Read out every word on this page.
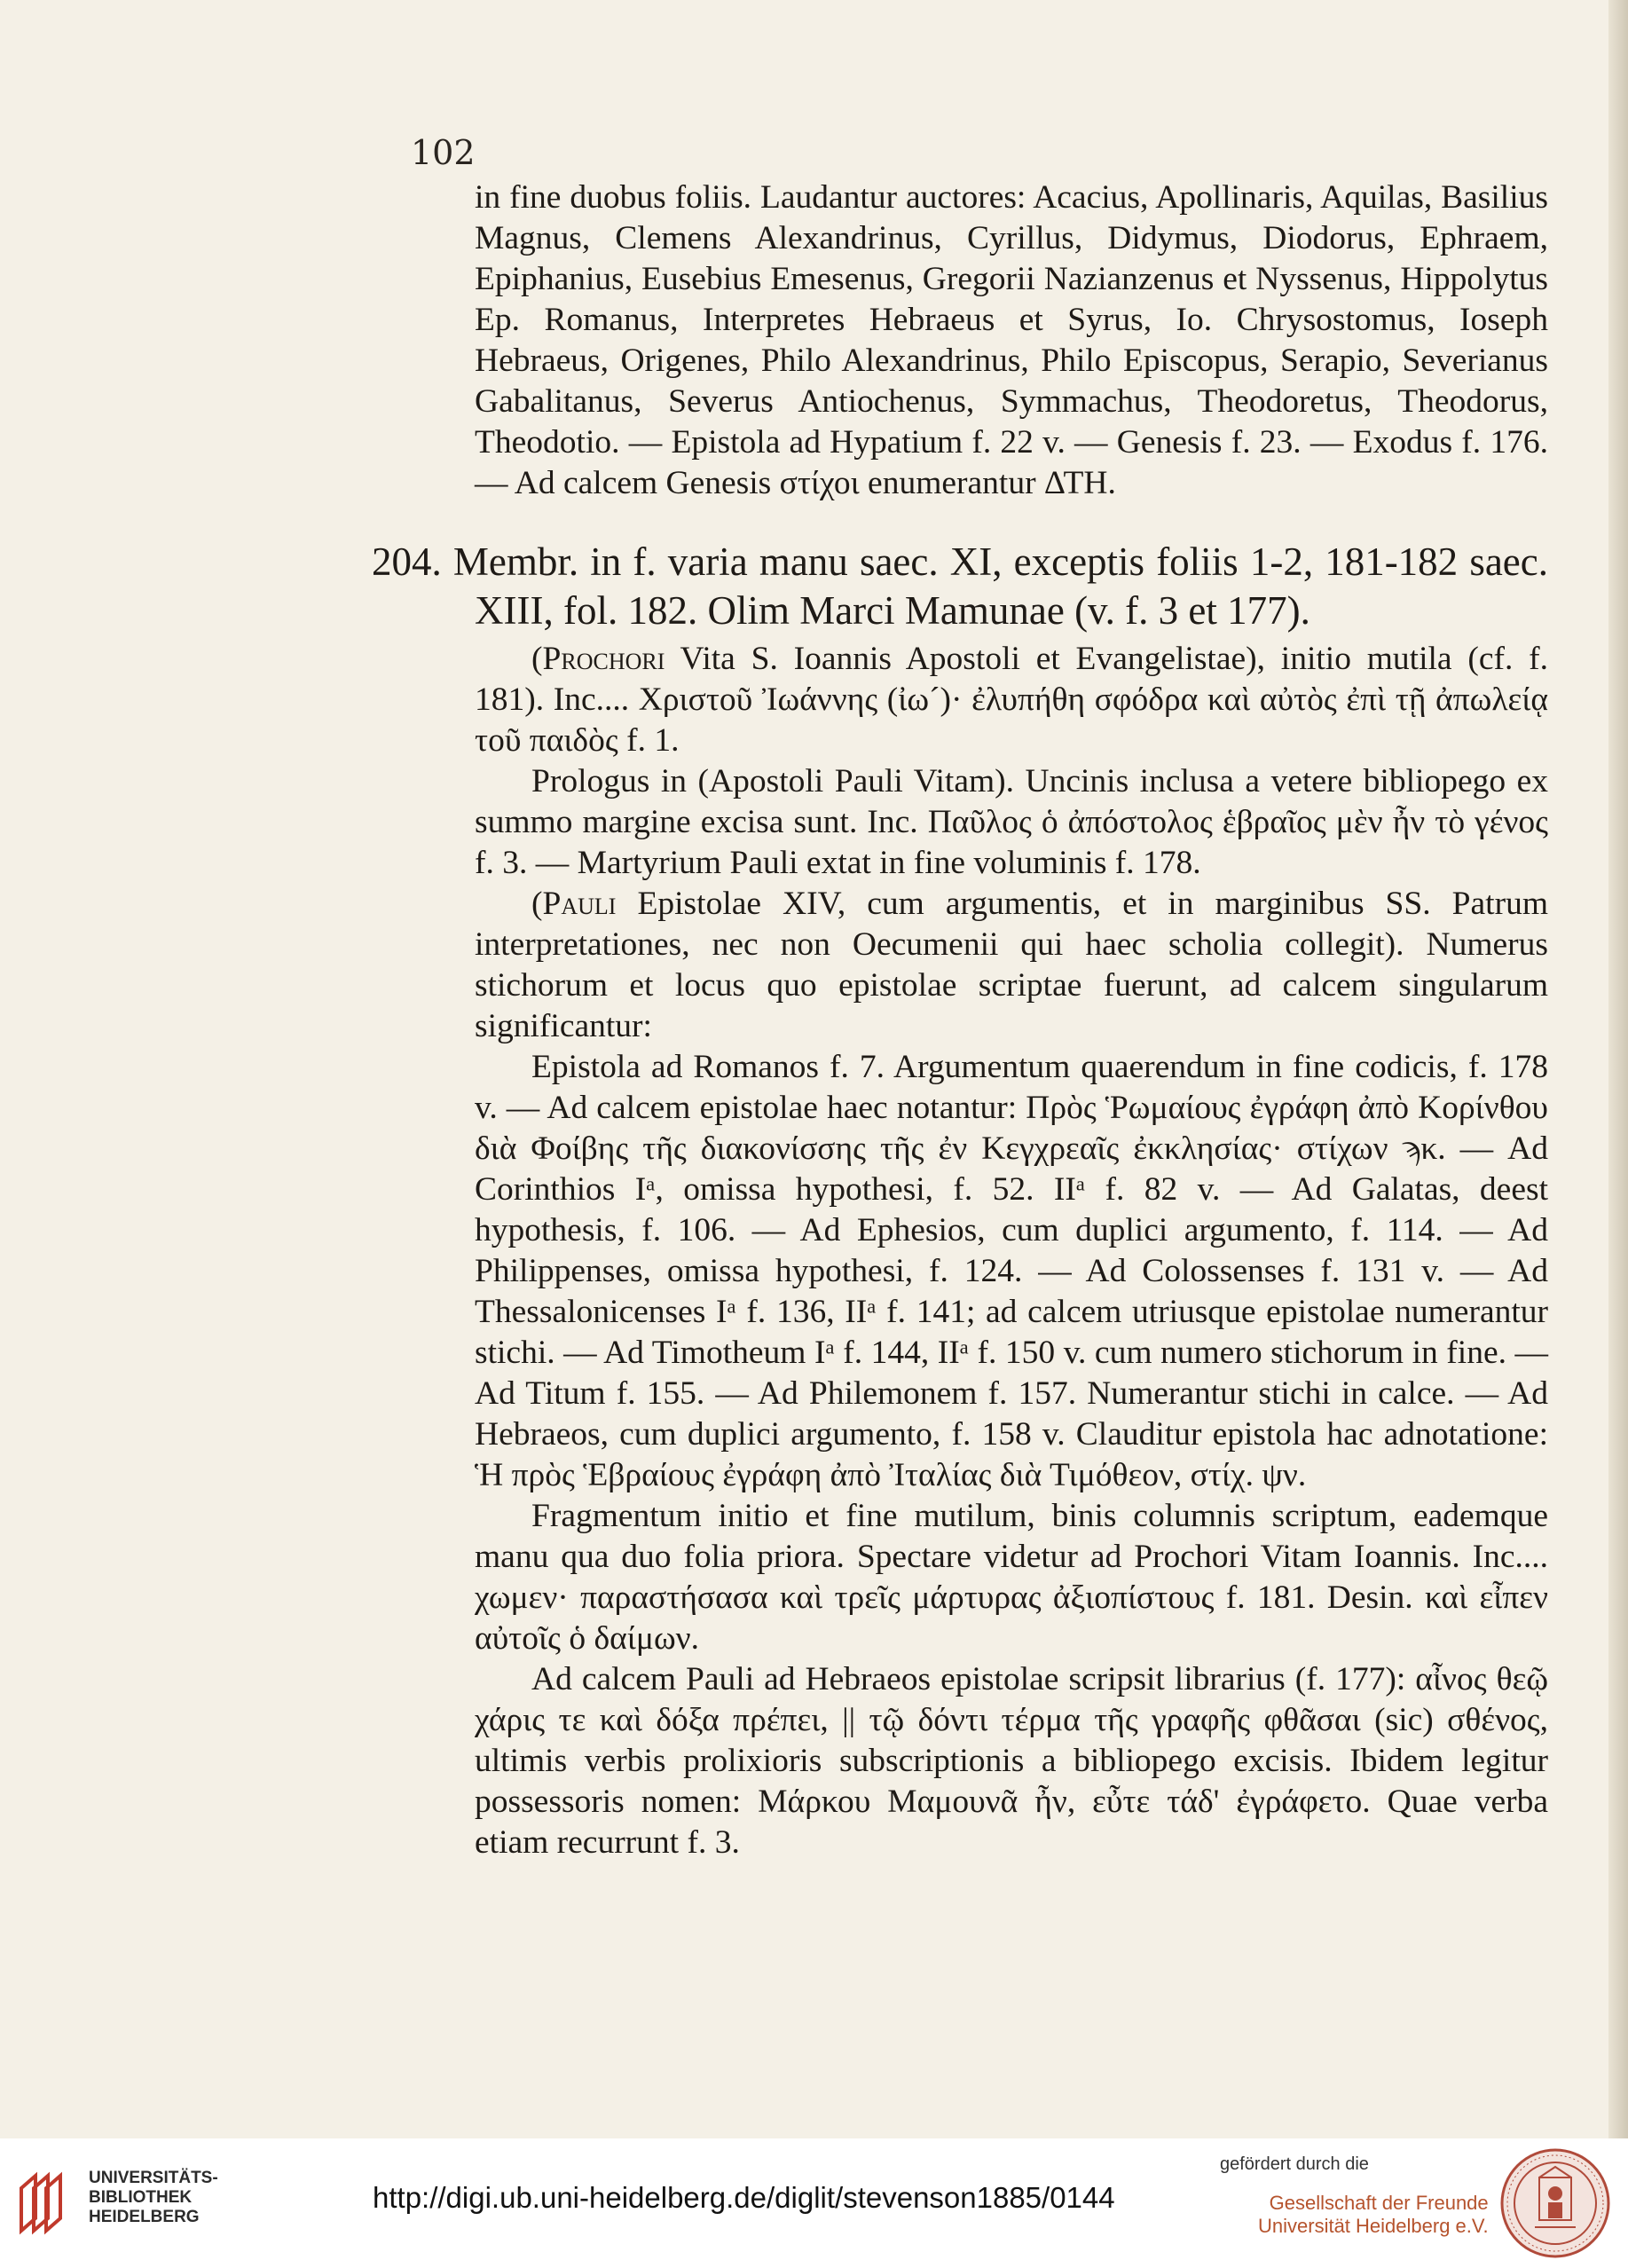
102

in fine duobus foliis. Laudantur auctores: Acacius, Apollinaris, Aquilas, Basilius Magnus, Clemens Alexandrinus, Cyrillus, Didymus, Diodorus, Ephraem, Epiphanius, Eusebius Emesenus, Gregorii Nazianzenus et Nyssenus, Hippolytus Ep. Romanus, Interpretes Hebraeus et Syrus, Io. Chrysostomus, Ioseph Hebraeus, Origenes, Philo Alexandrinus, Philo Episcopus, Serapio, Severianus Gabalitanus, Severus Antiochenus, Symmachus, Theodoretus, Theodorus, Theodotio. — Epistola ad Hypatium f. 22 v. — Genesis f. 23. — Exodus f. 176. — Ad calcem Genesis στίχοι enumerantur ΔΤΗ.

204. Membr. in f. varia manu saec. XI, exceptis foliis 1-2, 181-182 saec. XIII, fol. 182. Olim Marci Mamunae (v. f. 3 et 177).

(Prochori Vita S. Ioannis Apostoli et Evangelistae), initio mutila (cf. f. 181). Inc.... Χριστοῦ Ἰωάννης (ἰω´)· ἐλυπήθη σφόδρα καὶ αὐτὸς ἐπὶ τῇ ἀπωλείᾳ τοῦ παιδὸς f. 1.

Prologus in (Apostoli Pauli Vitam). Uncinis inclusa a vetere bibliopego ex summo margine excisa sunt. Inc. Παῦλος ὁ ἀπόστολος ἑβραῖος μὲν ἦν τὸ γένος f. 3. — Martyrium Pauli extat in fine voluminis f. 178.

(Pauli Epistolae XIV, cum argumentis, et in marginibus SS. Patrum interpretationes, nec non Oecumenii qui haec scholia collegit). Numerus stichorum et locus quo epistolae scriptae fuerunt, ad calcem singularum significantur:

Epistola ad Romanos f. 7. Argumentum quaerendum in fine codicis, f. 178 v. — Ad calcem epistolae haec notantur: Πρὸς Ῥωμαίους ἐγράφη ἀπὸ Κορίνθου διὰ Φοίβης τῆς διακονίσσης τῆς ἐν Κεγχρεαῖς ἐκκλησίας· στίχων ϡκ. — Ad Corinthios Iᵃ, omissa hypothesi, f. 52. IIᵃ f. 82 v. — Ad Galatas, deest hypothesis, f. 106. — Ad Ephesios, cum duplici argumento, f. 114. — Ad Philippenses, omissa hypothesi, f. 124. — Ad Colossenses f. 131 v. — Ad Thessalonicenses Iᵃ f. 136, IIᵃ f. 141; ad calcem utriusque epistolae numerantur stichi. — Ad Timotheum Iᵃ f. 144, IIᵃ f. 150 v. cum numero stichorum in fine. — Ad Titum f. 155. — Ad Philemonem f. 157. Numerantur stichi in calce. — Ad Hebraeos, cum duplici argumento, f. 158 v. Clauditur epistola hac adnotatione: Ἡ πρὸς Ἑβραίους ἐγράφη ἀπὸ Ἰταλίας διὰ Τιμόθεον, στίχ. ψν.

Fragmentum initio et fine mutilum, binis columnis scriptum, eademque manu qua duo folia priora. Spectare videtur ad Prochori Vitam Ioannis. Inc.... χωμεν· παραστήσασα καὶ τρεῖς μάρτυρας ἀξιοπίστους f. 181. Desin. καὶ εἶπεν αὐτοῖς ὁ δαίμων.

Ad calcem Pauli ad Hebraeos epistolae scripsit librarius (f. 177): αἶνος θεῷ χάρις τε καὶ δόξα πρέπει, || τῷ δόντι τέρμα τῆς γραφῆς φθᾶσαι (sic) σθένος, ultimis verbis prolixioris subscriptionis a bibliopego excisis. Ibidem legitur possessoris nomen: Μάρκου Μαμουνᾶ ἦν, εὖτε τάδ' ἐγράφετο. Quae verba etiam recurrunt f. 3.

UNIVERSITÄTS-
BIBLIOTHEK
HEIDELBERG
http://digi.ub.uni-heidelberg.de/diglit/stevenson1885/0144
gefördert durch die
Gesellschaft der Freunde
Universität Heidelberg e.V.
